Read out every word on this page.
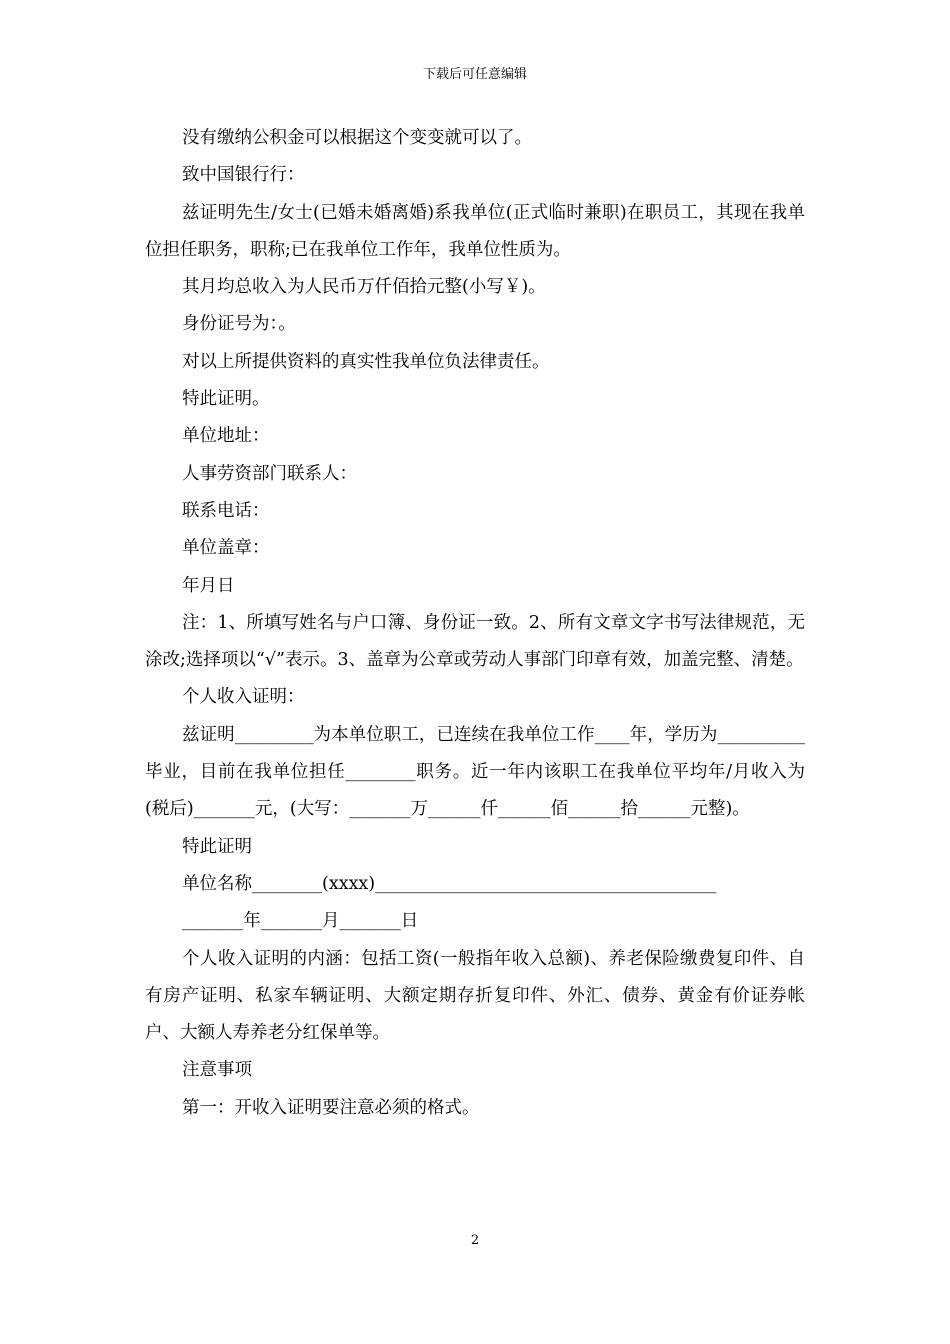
下载后可任意编辑

没有缴纳公积金可以根据这个变变就可以了。

致中国银行行：

兹证明先生/女士(已婚未婚离婚)系我单位(正式临时兼职)在职员工，其现在我单位担任职务，职称;已在我单位工作年，我单位性质为。

其月均总收入为人民币万仟佰拾元整(小写￥)。

身份证号为：。

对以上所提供资料的真实性我单位负法律责任。

特此证明。

单位地址：

人事劳资部门联系人：

联系电话：

单位盖章：

年月日

注：1、所填写姓名与户口簿、身份证一致。2、所有文章文字书写法律规范，无涂改;选择项以“√”表示。3、盖章为公章或劳动人事部门印章有效，加盖完整、清楚。

个人收入证明：

兹证明_________为本单位职工，已连续在我单位工作____年，学历为__________毕业，目前在我单位担任________职务。近一年内该职工在我单位平均年/月收入为(税后)_______元，(大写：_______万______仟______佰______拾______元整)。

特此证明

单位名称________(xxxx)_______________________________________

_______年_______月_______日

个人收入证明的内涵：包括工资(一般指年收入总额)、养老保险缴费复印件、自有房产证明、私家车辆证明、大额定期存折复印件、外汇、债券、黄金有价证券帐户、大额人寿养老分红保单等。

注意事项

第一：开收入证明要注意必须的格式。

2
